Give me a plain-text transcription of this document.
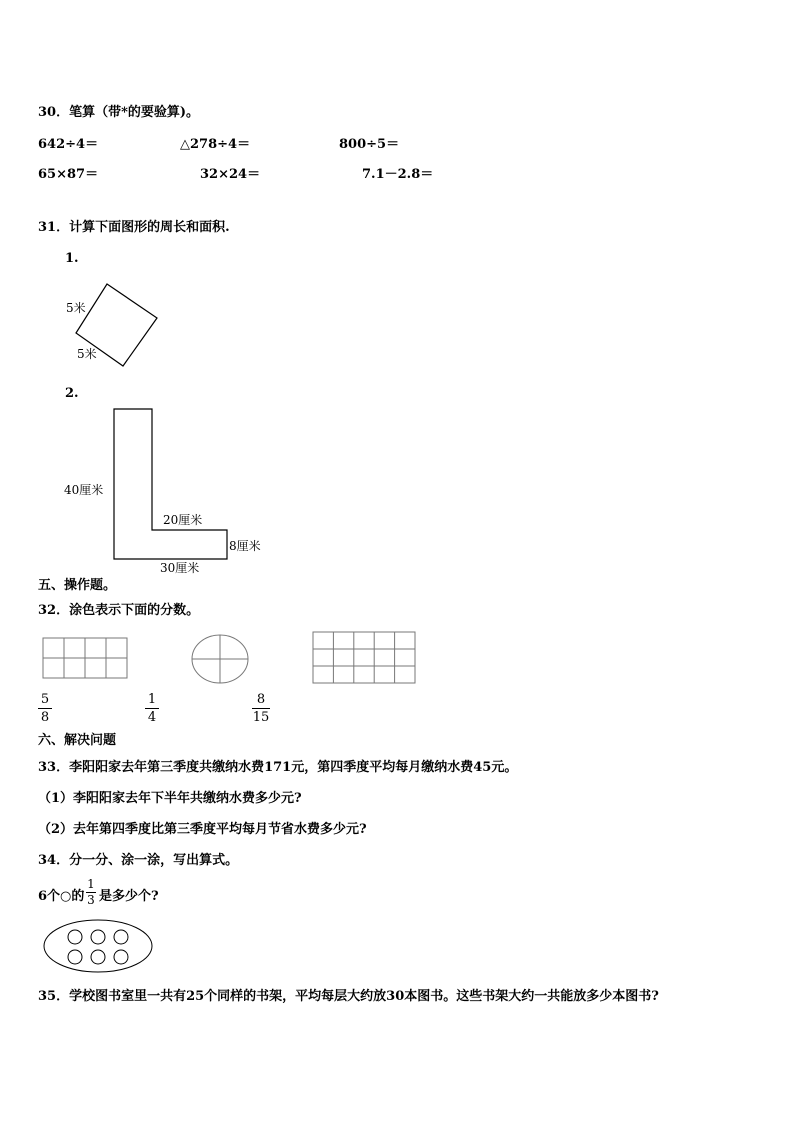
30．笔算（带*的要验算)。
642÷4＝	△278÷4＝	800÷5＝
65×87＝	32×24＝	7.1－2.8＝
31．计算下面图形的周长和面积.
1.
5米
5米
2.
40厘米
20厘米
8厘米
30厘米
五、操作题。
32．涂色表示下面的分数。
5
8
1
4
8
15
六、解决问题
33．李阳阳家去年第三季度共缴纳水费171元，第四季度平均每月缴纳水费45元。
（1）李阳阳家去年下半年共缴纳水费多少元?
（2）去年第四季度比第三季度平均每月节省水费多少元?
34．分一分、涂一涂，写出算式。
6个○的
1
3 是多少个?
35．学校图书室里一共有25个同样的书架，平均每层大约放30本图书。这些书架大约一共能放多少本图书?
